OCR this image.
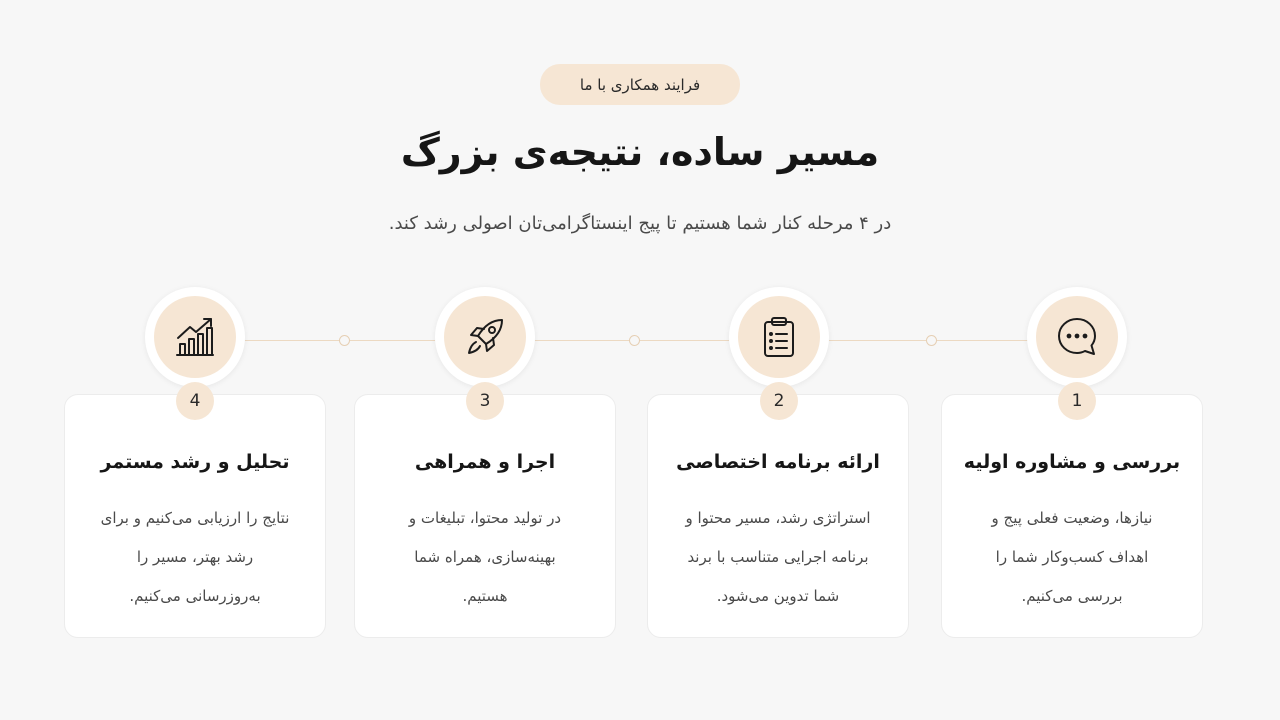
فرایند همکاری با ما
مسیر ساده، نتیجه‌ی بزرگ
در ۴ مرحله کنار شما هستیم تا پیج اینستاگرامی‌تان اصولی رشد کند.
4
تحلیل و رشد مستمر
نتایج را ارزیابی می‌کنیم و برای
رشد بهتر، مسیر را
به‌روزرسانی می‌کنیم.
3
اجرا و همراهی
در تولید محتوا، تبلیغات و
بهینه‌سازی، همراه شما
هستیم.
2
ارائه برنامه اختصاصی
استراتژی رشد، مسیر محتوا و
برنامه اجرایی متناسب با برند
شما تدوین می‌شود.
1
بررسی و مشاوره اولیه
نیازها، وضعیت فعلی پیج و
اهداف کسب‌وکار شما را
بررسی می‌کنیم.
